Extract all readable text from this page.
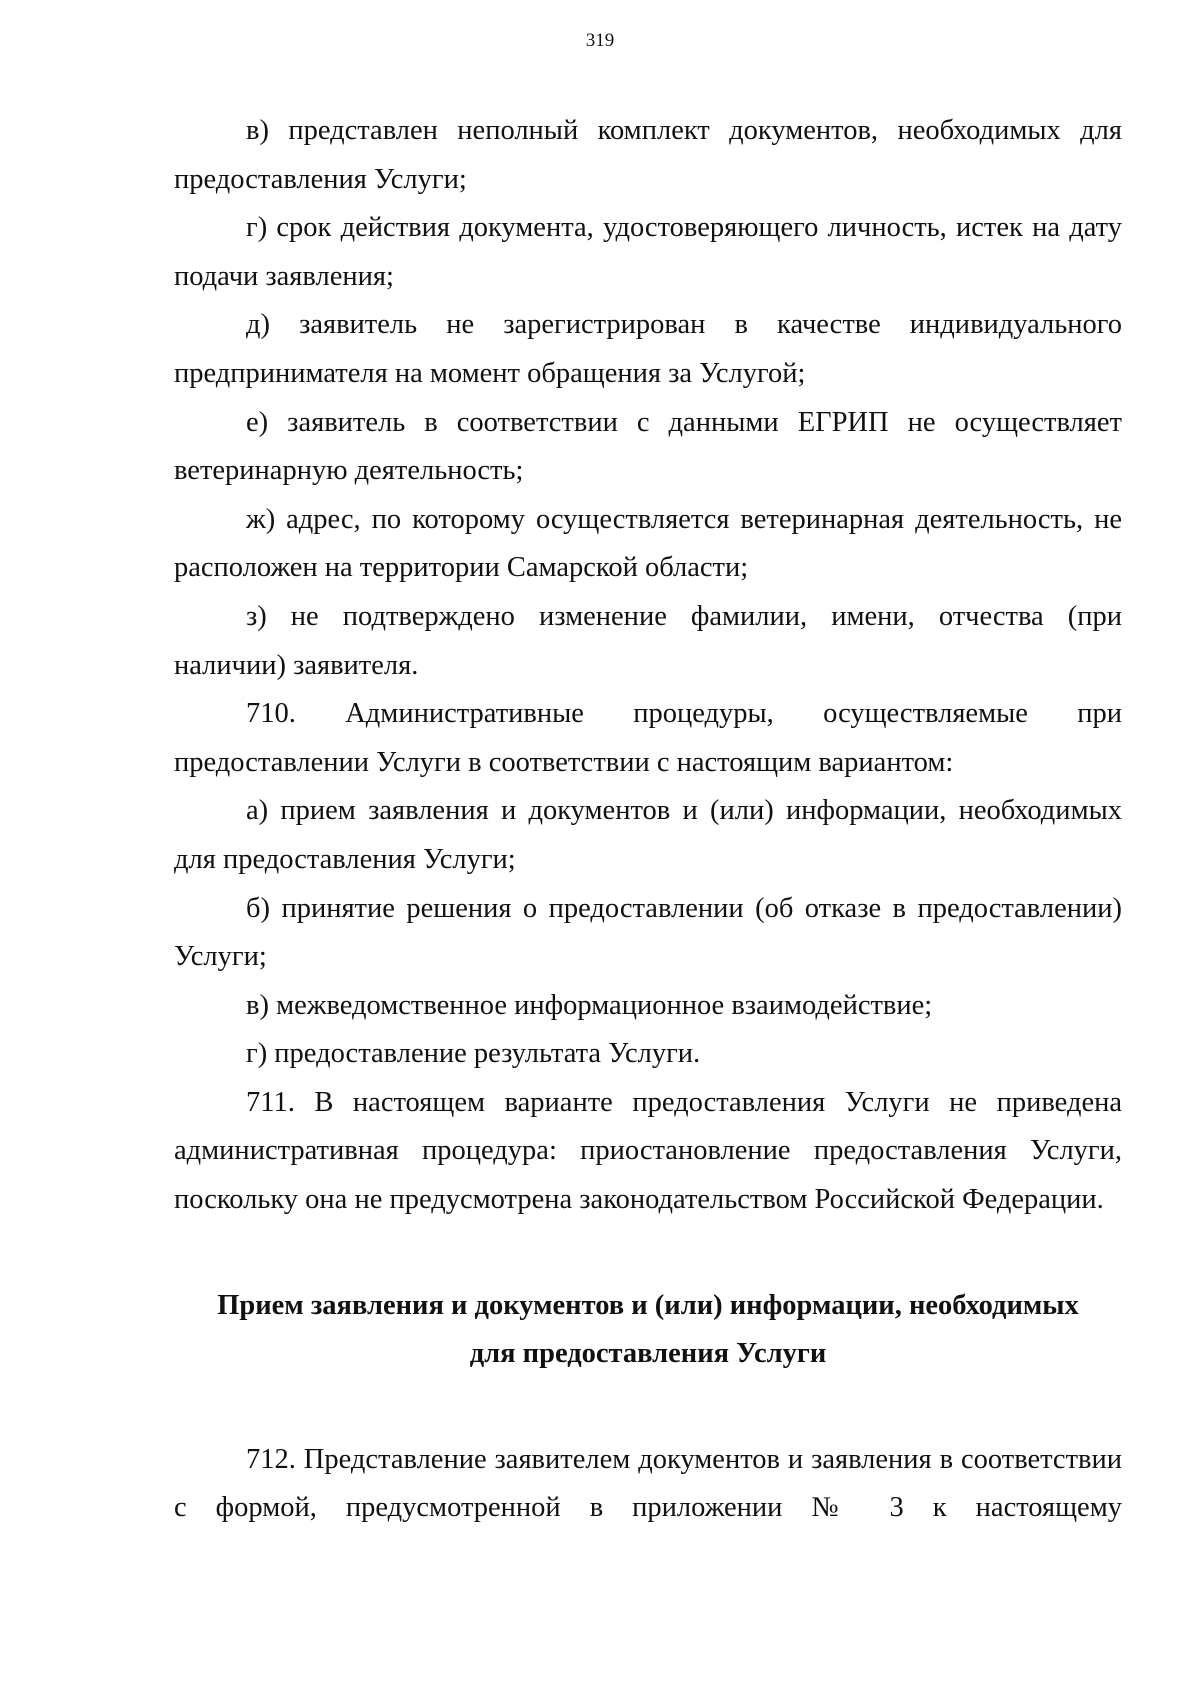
319

в) представлен неполный комплект документов, необходимых для предоставления Услуги;

г) срок действия документа, удостоверяющего личность, истек на дату подачи заявления;

д) заявитель не зарегистрирован в качестве индивидуального предпринимателя на момент обращения за Услугой;

е) заявитель в соответствии с данными ЕГРИП не осуществляет ветеринарную деятельность;

ж) адрес, по которому осуществляется ветеринарная деятельность, не расположен на территории Самарской области;

з) не подтверждено изменение фамилии, имени, отчества (при наличии) заявителя.

710. Административные процедуры, осуществляемые при предоставлении Услуги в соответствии с настоящим вариантом:

а) прием заявления и документов и (или) информации, необходимых для предоставления Услуги;

б) принятие решения о предоставлении (об отказе в предоставлении) Услуги;

в) межведомственное информационное взаимодействие;

г) предоставление результата Услуги.

711. В настоящем варианте предоставления Услуги не приведена административная процедура: приостановление предоставления Услуги, поскольку она не предусмотрена законодательством Российской Федерации.

Прием заявления и документов и (или) информации, необходимых

для предоставления Услуги

712. Представление заявителем документов и заявления в соответствии с формой, предусмотренной в приложении № 3 к настоящему
